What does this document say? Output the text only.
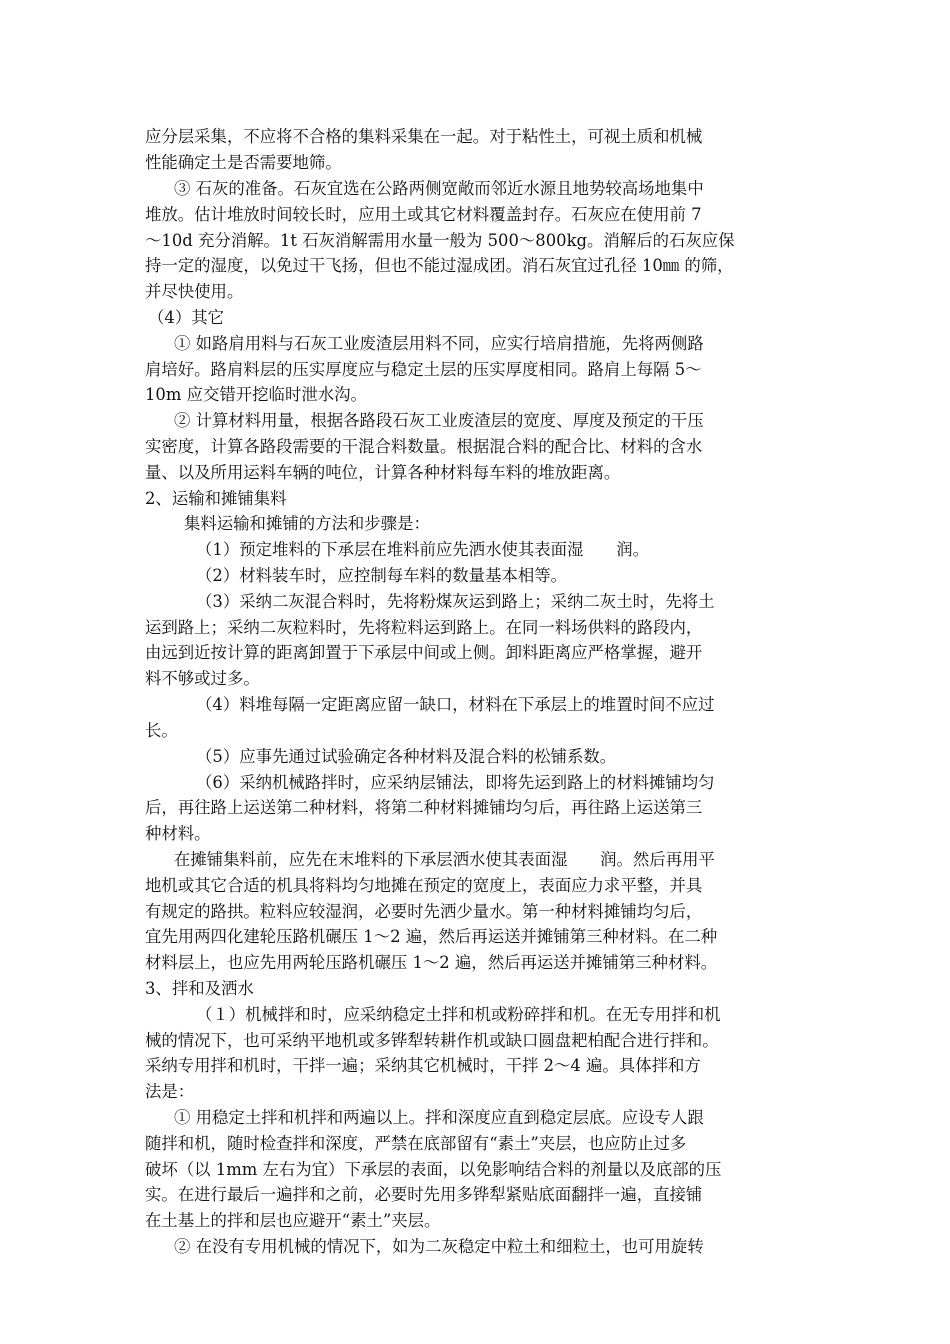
应分层采集，不应将不合格的集料采集在一起。对于粘性土，可视土质和机械
性能确定土是否需要地筛。
③ 石灰的准备。石灰宜选在公路两侧宽敞而邻近水源且地势较高场地集中
堆放。估计堆放时间较长时，应用土或其它材料覆盖封存。石灰应在使用前 7
～10d 充分消解。1t 石灰消解需用水量一般为 500～800kg。消解后的石灰应保
持一定的湿度，以免过干飞扬，但也不能过湿成团。消石灰宜过孔径 10㎜ 的筛，
并尽快使用。
（4）其它
① 如路肩用料与石灰工业废渣层用料不同，应实行培肩措施，先将两侧路
肩培好。路肩料层的压实厚度应与稳定土层的压实厚度相同。路肩上每隔 5～
10m 应交错开挖临时泄水沟。
② 计算材料用量，根据各路段石灰工业废渣层的宽度、厚度及预定的干压
实密度，计算各路段需要的干混合料数量。根据混合料的配合比、材料的含水
量、以及所用运料车辆的吨位，计算各种材料每车料的堆放距离。
2、运输和摊铺集料
集料运输和摊铺的方法和步骤是：
（1）预定堆料的下承层在堆料前应先洒水使其表面湿　　润。
（2）材料装车时，应控制每车料的数量基本相等。
（3）采纳二灰混合料时，先将粉煤灰运到路上；采纳二灰土时，先将土
运到路上；采纳二灰粒料时，先将粒料运到路上。在同一料场供料的路段内，
由远到近按计算的距离卸置于下承层中间或上侧。卸料距离应严格掌握，避开
料不够或过多。
（4）料堆每隔一定距离应留一缺口，材料在下承层上的堆置时间不应过
长。
（5）应事先通过试验确定各种材料及混合料的松铺系数。
（6）采纳机械路拌时，应采纳层铺法，即将先运到路上的材料摊铺均匀
后，再往路上运送第二种材料，将第二种材料摊铺均匀后，再往路上运送第三
种材料。
在摊铺集料前，应先在末堆料的下承层洒水使其表面湿　　润。然后再用平
地机或其它合适的机具将料均匀地摊在预定的宽度上，表面应力求平整，并具
有规定的路拱。粒料应较湿润，必要时先洒少量水。第一种材料摊铺均匀后，
宜先用两四化建轮压路机碾压 1～2 遍，然后再运送并摊铺第三种材料。在二种
材料层上，也应先用两轮压路机碾压 1～2 遍，然后再运送并摊铺第三种材料。
3、拌和及洒水
（１）机械拌和时，应采纳稳定土拌和机或粉碎拌和机。在无专用拌和机
械的情况下，也可采纳平地机或多铧犁转耕作机或缺口圆盘耙柏配合进行拌和。
采纳专用拌和机时，干拌一遍；采纳其它机械时，干拌 2～4 遍。具体拌和方
法是：
① 用稳定土拌和机拌和两遍以上。拌和深度应直到稳定层底。应设专人跟
随拌和机，随时检查拌和深度，严禁在底部留有“素土”夹层，也应防止过多
破坏（以 1mm 左右为宜）下承层的表面，以免影响结合料的剂量以及底部的压
实。在进行最后一遍拌和之前，必要时先用多铧犁紧贴底面翻拌一遍，直接铺
在土基上的拌和层也应避开“素土”夹层。
② 在没有专用机械的情况下，如为二灰稳定中粒土和细粒土，也可用旋转
